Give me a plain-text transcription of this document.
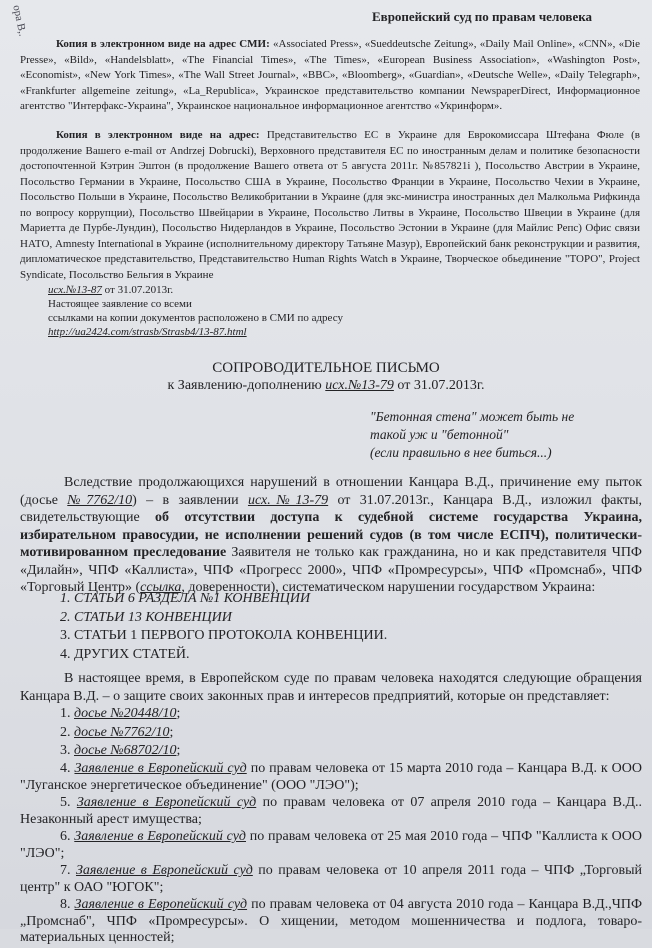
ора В,.	Европейский суд по правам человека
Копия в электронном виде на адрес СМИ: «Associated Press», «Sueddeutsche Zeitung», «Daily Mail Online», «CNN», «Die Presse», «Bild», «Handelsblatt», «The Financial Times», «The Times», «European Business Association», «Washington Post», «Economist», «New York Times», «The Wall Street Journal», «BBC», «Bloomberg», «Guardian», «Deutsche Welle», «Daily Telegraph», «Frankfurter allgemeine zeitung», «La_Republica», Украинское представительство компании NewspaperDirect, Информационное агентство "Интерфакс-Украина", Украинское национальное информационное агентство «Укринформ».
Копия в электронном виде на адрес: Представительство ЕС в Украине для Еврокомиссара Штефана Фюле (в продолжение Вашего e-mail от Andrzej Dobrucki), Верховного представителя ЕС по иностранным делам и политике безопасности достопочтенной Кэтрин Эштон (в продолжение Вашего ответа от 5 августа 2011г. №857821i ), Посольство Австрии в Украине, Посольство Германии в Украине, Посольство США в Украине, Посольство Франции в Украине, Посольство Чехии в Украине, Посольство Польши в Украине, Посольство Великобритании в Украине (для экс-министра иностранных дел Малкольма Рифкинда по вопросу коррупции), Посольство Швейцарии в Украине, Посольство Литвы в Украине, Посольство Швеции в Украине (для Мариетта де Пурбе-Лундин), Посольство Нидерландов в Украине, Посольство Эстонии в Украине (для Майлис Репс) Офис связи НАТО, Amnesty International в Украине (исполнительному директору Татьяне Мазур), Европейский банк реконструкции и развития, дипломатическое представительство, Представительство Human Rights Watch в Украине, Творческое обьединение "ТОРО", Project Syndicate, Посольство Бельгия в Украине
исх.№13-87 от 31.07.2013г.
Настоящее заявление со всеми
ссылками на копии документов расположено в СМИ по адресу
http://ua2424.com/strasb/Strasb4/13-87.html
СОПРОВОДИТЕЛЬНОЕ ПИСЬМО
к Заявлению-дополнению исх.№13-79 от 31.07.2013г.
"Бетонная стена" может быть не
такой уж и "бетонной"
(если правильно в нее биться...)
Вследствие продолжающихся нарушений в отношении Канцара В.Д., причинение ему пыток (досье №7762/10) – в заявлении исх.№13-79 от 31.07.2013г., Канцара В.Д., изложил факты, свидетельствующие об отсутствии доступа к судебной системе государства Украина, избирательном правосудии, не исполнении решений судов (в том числе ЕСПЧ), политически-мотивированном преследование Заявителя не только как гражданина, но и как представителя ЧПФ «Дилайн», ЧПФ «Каллиста», ЧПФ «Прогресс 2000», ЧПФ «Промресурсы», ЧПФ «Промснаб», ЧПФ «Торговый Центр» (ссылка, доверенности), систематическом нарушении государством Украина:
1. СТАТЬИ 6 РАЗДЕЛА №1 КОНВЕНЦИИ
2. СТАТЬИ 13 КОНВЕНЦИИ
3. СТАТЬИ 1 ПЕРВОГО ПРОТОКОЛА КОНВЕНЦИИ.
4. ДРУГИХ СТАТЕЙ.
В настоящее время, в Европейском суде по правам человека находятся следующие обращения Канцара В.Д. – о защите своих законных прав и интересов предприятий, которые он представляет:
1. досье №20448/10;
2. досье №7762/10;
3. досье №68702/10;

4. Заявление в Европейский суд по правам человека от 15 марта 2010 года – Канцара В.Д. к ООО "Луганское энергетическое объединение" (ООО "ЛЭО");

5. Заявление в Европейский суд по правам человека от 07 апреля 2010 года – Канцара В.Д.. Незаконный арест имущества;

6. Заявление в Европейский суд по правам человека от 25 мая 2010 года – ЧПФ "Каллиста к ООО "ЛЭО";

7. Заявление в Европейский суд по правам человека от 10 апреля 2011 года – ЧПФ „Торговый центр" к ОАО "ЮГОК";

8. Заявление в Европейский суд по правам человека от 04 августа 2010 года – Канцара В.Д.,ЧПФ „Промснаб", ЧПФ «Промресурсы». О хищении, методом мошенничества и подлога, товаро-материальных ценностей;
